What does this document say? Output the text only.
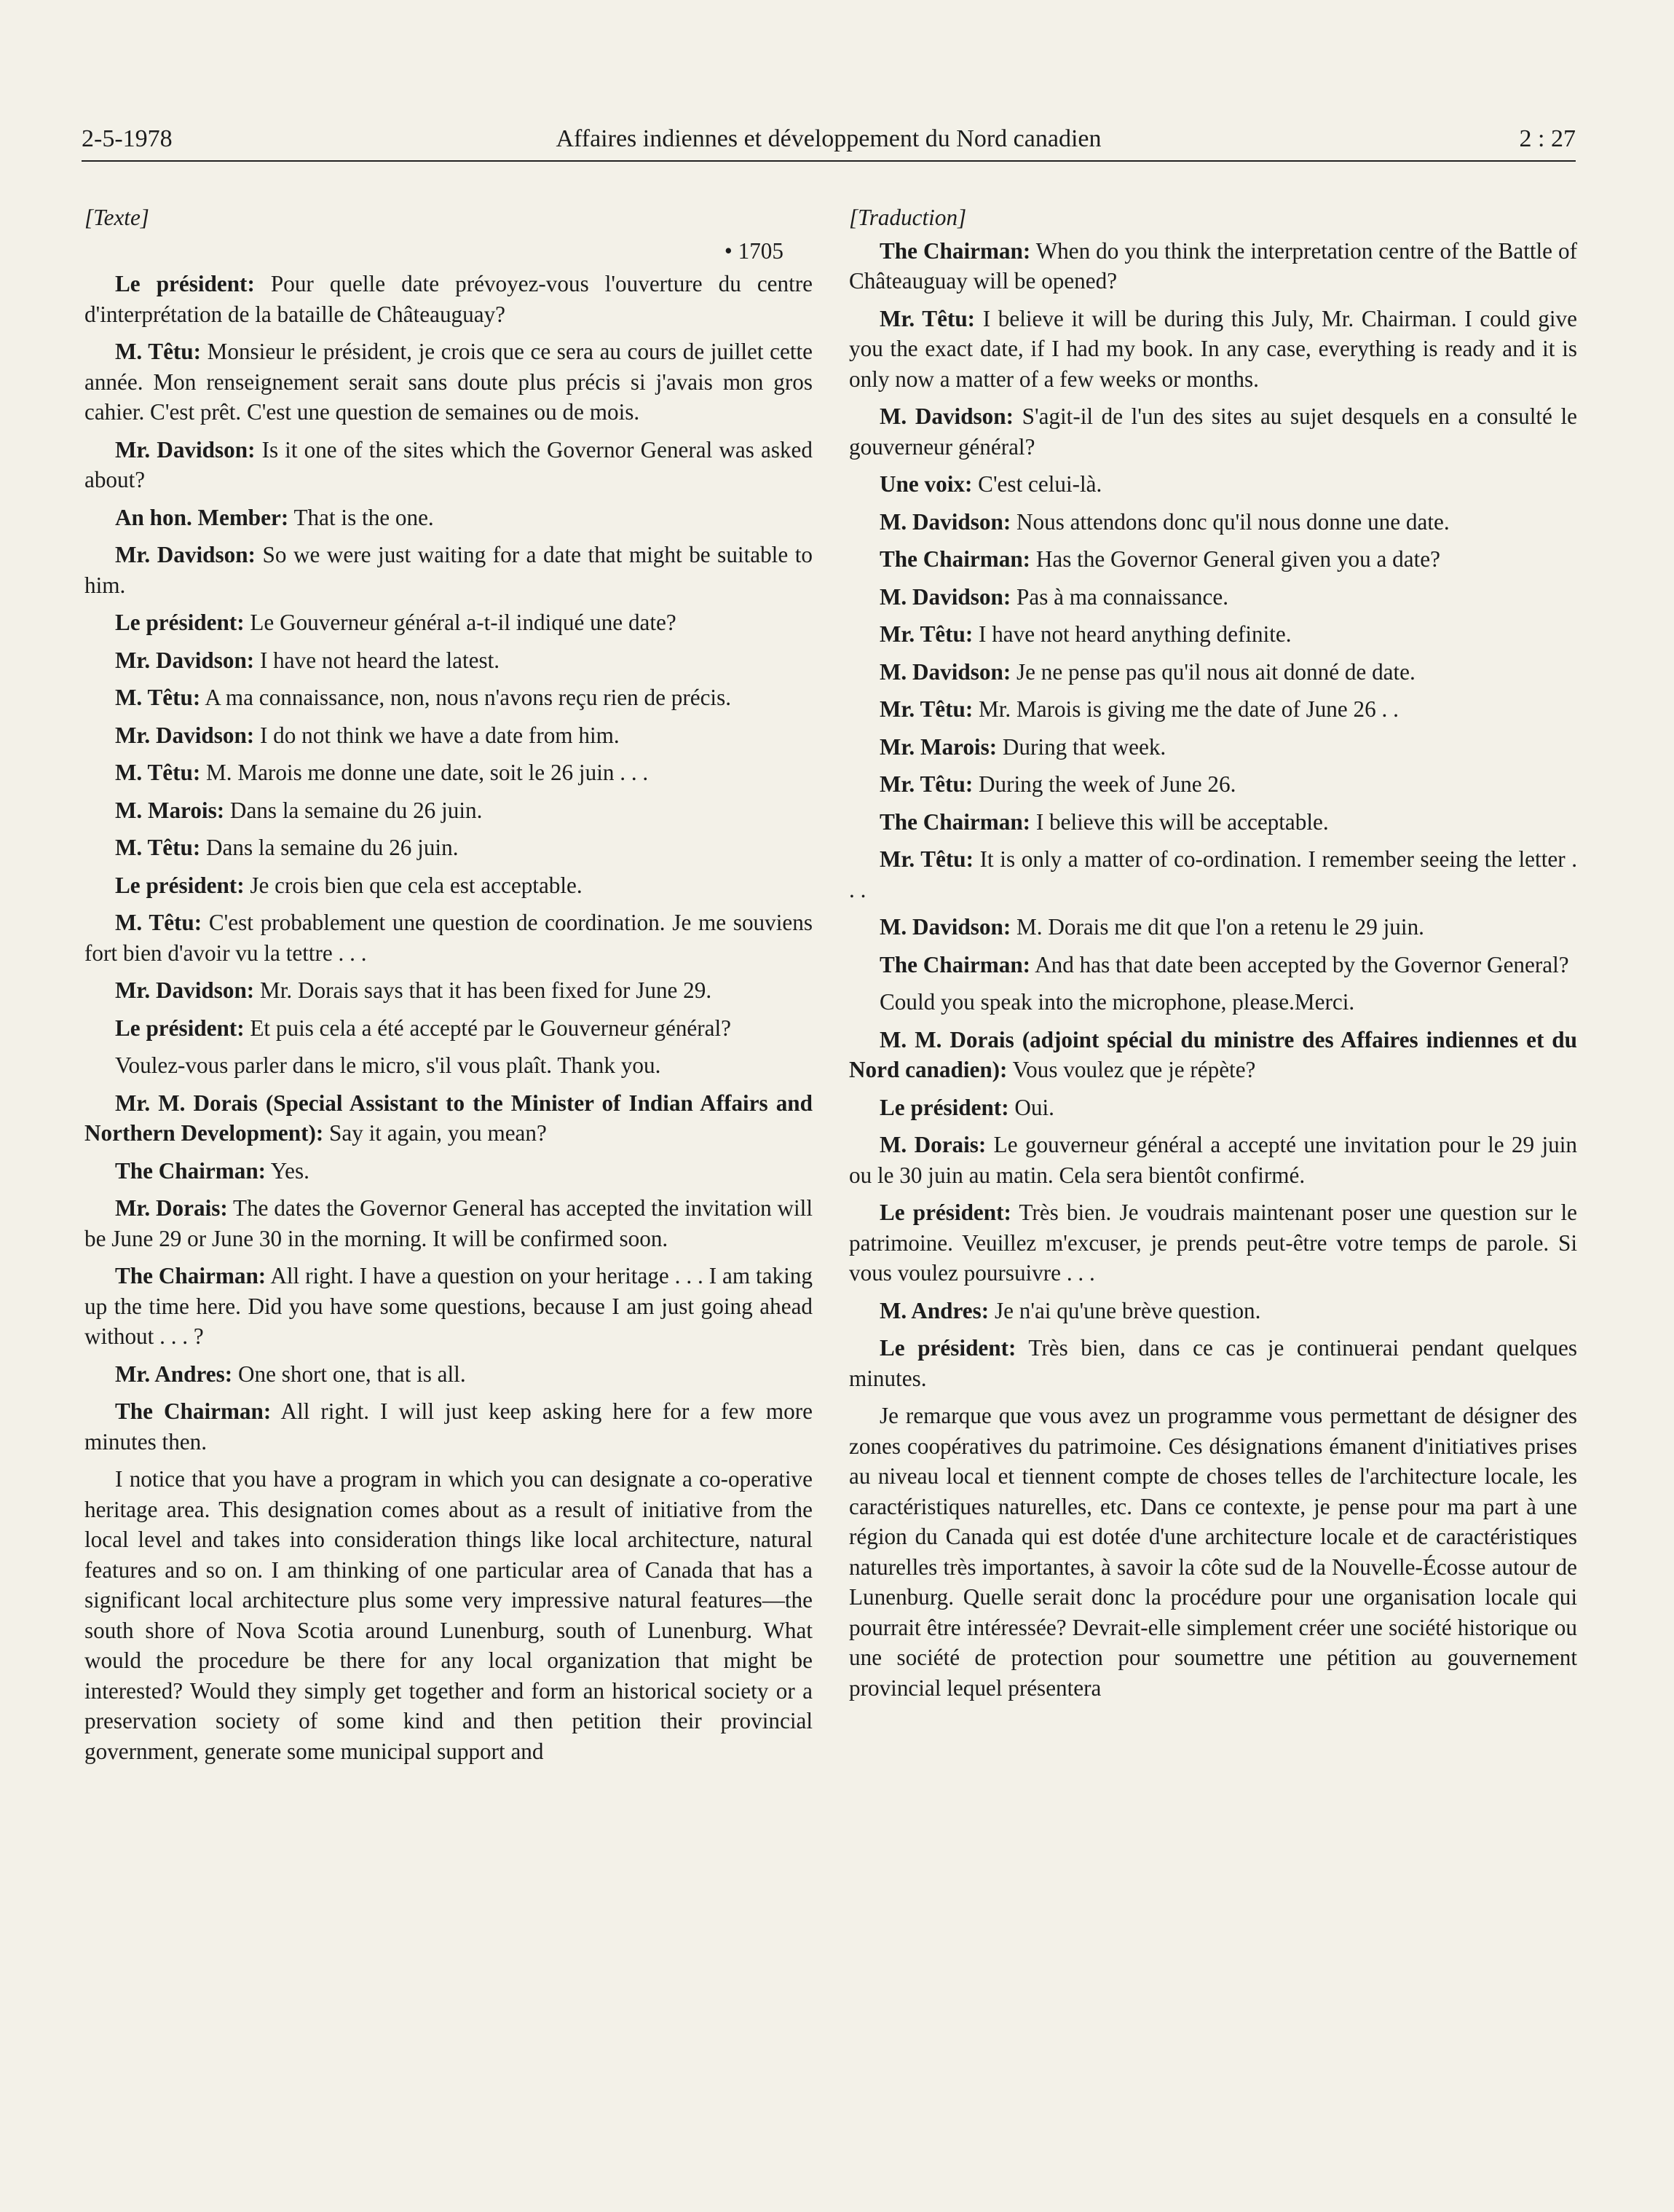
2-5-1978	Affaires indiennes et développement du Nord canadien	2 : 27

[Texte]

• 1705

Le président: Pour quelle date prévoyez-vous l'ouverture du centre d'interprétation de la bataille de Châteauguay?

M. Têtu: Monsieur le président, je crois que ce sera au cours de juillet cette année. Mon renseignement serait sans doute plus précis si j'avais mon gros cahier. C'est prêt. C'est une question de semaines ou de mois.

Mr. Davidson: Is it one of the sites which the Governor General was asked about?

An hon. Member: That is the one.

Mr. Davidson: So we were just waiting for a date that might be suitable to him.

Le président: Le Gouverneur général a-t-il indiqué une date?

Mr. Davidson: I have not heard the latest.

M. Têtu: A ma connaissance, non, nous n'avons reçu rien de précis.

Mr. Davidson: I do not think we have a date from him.

M. Têtu: M. Marois me donne une date, soit le 26 juin . . .

M. Marois: Dans la semaine du 26 juin.

M. Têtu: Dans la semaine du 26 juin.

Le président: Je crois bien que cela est acceptable.

M. Têtu: C'est probablement une question de coordination. Je me souviens fort bien d'avoir vu la tettre . . .

Mr. Davidson: Mr. Dorais says that it has been fixed for June 29.

Le président: Et puis cela a été accepté par le Gouverneur général?

Voulez-vous parler dans le micro, s'il vous plaît. Thank you.

Mr. M. Dorais (Special Assistant to the Minister of Indian Affairs and Northern Development): Say it again, you mean?

The Chairman: Yes.

Mr. Dorais: The dates the Governor General has accepted the invitation will be June 29 or June 30 in the morning. It will be confirmed soon.

The Chairman: All right. I have a question on your heritage . . . I am taking up the time here. Did you have some questions, because I am just going ahead without . . . ?

Mr. Andres: One short one, that is all.

The Chairman: All right. I will just keep asking here for a few more minutes then.

I notice that you have a program in which you can designate a co-operative heritage area. This designation comes about as a result of initiative from the local level and takes into consideration things like local architecture, natural features and so on. I am thinking of one particular area of Canada that has a significant local architecture plus some very impressive natural features—the south shore of Nova Scotia around Lunenburg, south of Lunenburg. What would the procedure be there for any local organization that might be interested? Would they simply get together and form an historical society or a preservation society of some kind and then petition their provincial government, generate some municipal support and

[Traduction]

The Chairman: When do you think the interpretation centre of the Battle of Châteauguay will be opened?

Mr. Têtu: I believe it will be during this July, Mr. Chairman. I could give you the exact date, if I had my book. In any case, everything is ready and it is only now a matter of a few weeks or months.

M. Davidson: S'agit-il de l'un des sites au sujet desquels en a consulté le gouverneur général?

Une voix: C'est celui-là.

M. Davidson: Nous attendons donc qu'il nous donne une date.

The Chairman: Has the Governor General given you a date?

M. Davidson: Pas à ma connaissance.

Mr. Têtu: I have not heard anything definite.

M. Davidson: Je ne pense pas qu'il nous ait donné de date.

Mr. Têtu: Mr. Marois is giving me the date of June 26 . .

Mr. Marois: During that week.

Mr. Têtu: During the week of June 26.

The Chairman: I believe this will be acceptable.

Mr. Têtu: It is only a matter of co-ordination. I remember seeing the letter . . .

M. Davidson: M. Dorais me dit que l'on a retenu le 29 juin.

The Chairman: And has that date been accepted by the Governor General?

Could you speak into the microphone, please.Merci.

M. M. Dorais (adjoint spécial du ministre des Affaires indiennes et du Nord canadien): Vous voulez que je répète?

Le président: Oui.

M. Dorais: Le gouverneur général a accepté une invitation pour le 29 juin ou le 30 juin au matin. Cela sera bientôt confirmé.

Le président: Très bien. Je voudrais maintenant poser une question sur le patrimoine. Veuillez m'excuser, je prends peut-être votre temps de parole. Si vous voulez poursuivre . . .

M. Andres: Je n'ai qu'une brève question.

Le président: Très bien, dans ce cas je continuerai pendant quelques minutes.

Je remarque que vous avez un programme vous permettant de désigner des zones coopératives du patrimoine. Ces désignations émanent d'initiatives prises au niveau local et tiennent compte de choses telles de l'architecture locale, les caractéristiques naturelles, etc. Dans ce contexte, je pense pour ma part à une région du Canada qui est dotée d'une architecture locale et de caractéristiques naturelles très importantes, à savoir la côte sud de la Nouvelle-Écosse autour de Lunenburg. Quelle serait donc la procédure pour une organisation locale qui pourrait être intéressée? Devrait-elle simplement créer une société historique ou une société de protection pour soumettre une pétition au gouvernement provincial lequel présentera
